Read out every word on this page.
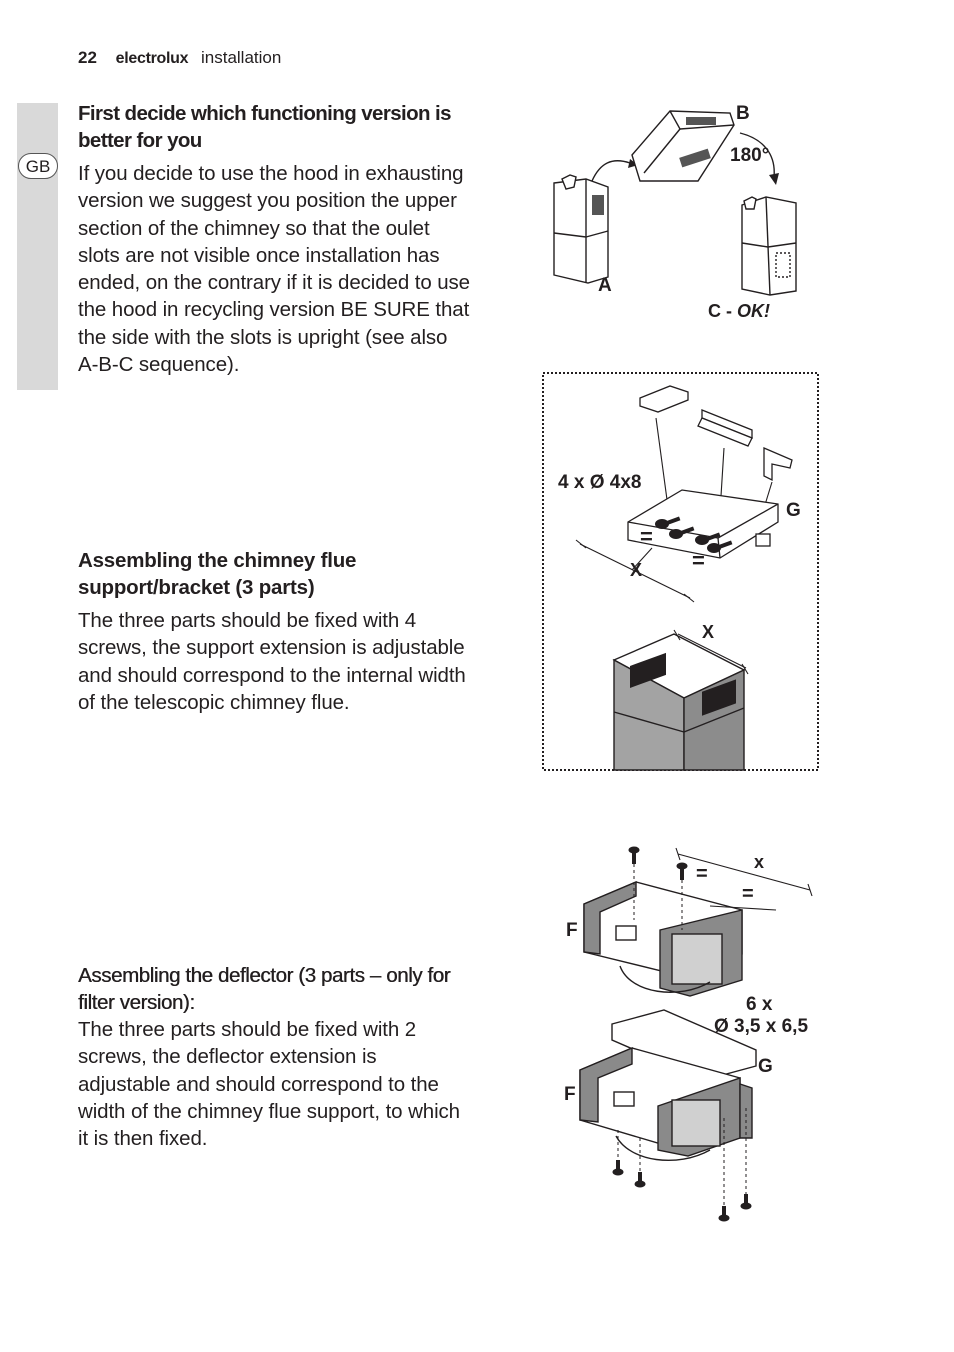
22 electrolux installation
GB
First decide which functioning version is better for you

If you decide to use the hood in exhausting version we suggest you position the upper section of the chimney so that the oulet slots are not visible once installation has ended, on the contrary if it is decided to use the hood in recycling version BE SURE that the side with the slots is upright (see also A-B-C sequence).

Assembling the chimney flue support/bracket (3 parts)

The three parts should be fixed with 4 screws, the support extension is adjustable and should correspond to the internal width of the telescopic chimney flue.

Assembling the deflector (3 parts – only for filter version):

The three parts should be fixed with 2 screws, the deflector extension is adjustable and should correspond to the width of the chimney flue support, to which it is then fixed.

A
B
180°
C - OK!
=
=
X
4 x Ø 4x8
G
X
=
=
x
F
6 x
Ø 3,5 x 6,5
G
F
